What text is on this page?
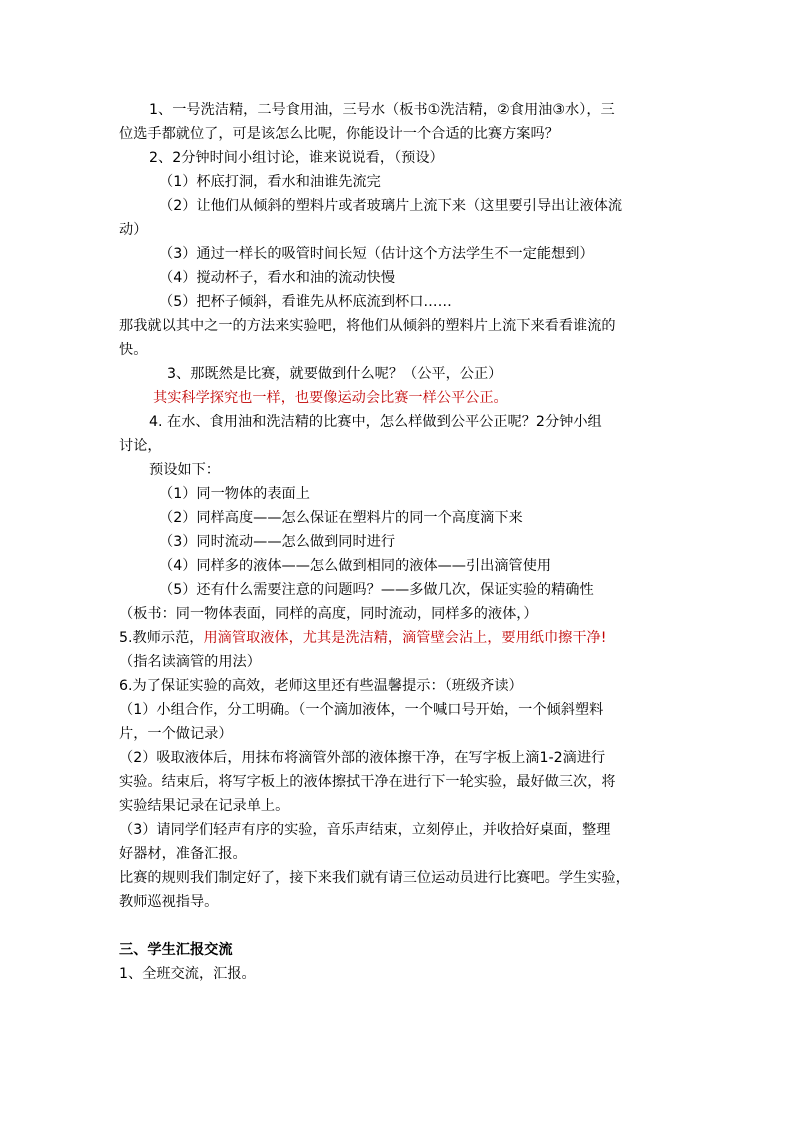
1、一号洗洁精，二号食用油，三号水（板书①洗洁精，②食用油③水），三

位选手都就位了，可是该怎么比呢，你能设计一个合适的比赛方案吗？

2、2分钟时间小组讨论，谁来说说看，（预设）

（1）杯底打洞，看水和油谁先流完

（2）让他们从倾斜的塑料片或者玻璃片上流下来（这里要引导出让液体流

动）

（3）通过一样长的吸管时间长短（估计这个方法学生不一定能想到）

（4）搅动杯子，看水和油的流动快慢

（5）把杯子倾斜，看谁先从杯底流到杯口……

那我就以其中之一的方法来实验吧，将他们从倾斜的塑料片上流下来看看谁流的

快。

3、那既然是比赛，就要做到什么呢？（公平，公正）

其实科学探究也一样，也要像运动会比赛一样公平公正。

4. 在水、食用油和洗洁精的比赛中，怎么样做到公平公正呢？2分钟小组

讨论，

预设如下：

（1）同一物体的表面上

（2）同样高度——怎么保证在塑料片的同一个高度滴下来

（3）同时流动——怎么做到同时进行

（4）同样多的液体——怎么做到相同的液体——引出滴管使用

（5）还有什么需要注意的问题吗？——多做几次，保证实验的精确性

（板书：同一物体表面，同样的高度，同时流动，同样多的液体，）

5.教师示范，用滴管取液体，尤其是洗洁精，滴管壁会沾上，要用纸巾擦干净!

（指名读滴管的用法）

6.为了保证实验的高效，老师这里还有些温馨提示：（班级齐读）

（1）小组合作，分工明确。（一个滴加液体，一个喊口号开始，一个倾斜塑料

片，一个做记录）

（2）吸取液体后，用抹布将滴管外部的液体擦干净，在写字板上滴1-2滴进行

实验。结束后，将写字板上的液体擦拭干净在进行下一轮实验，最好做三次，将

实验结果记录在记录单上。

（3）请同学们轻声有序的实验，音乐声结束，立刻停止，并收拾好桌面，整理

好器材，准备汇报。

比赛的规则我们制定好了，接下来我们就有请三位运动员进行比赛吧。学生实验，

教师巡视指导。

三、学生汇报交流

1、全班交流，汇报。
